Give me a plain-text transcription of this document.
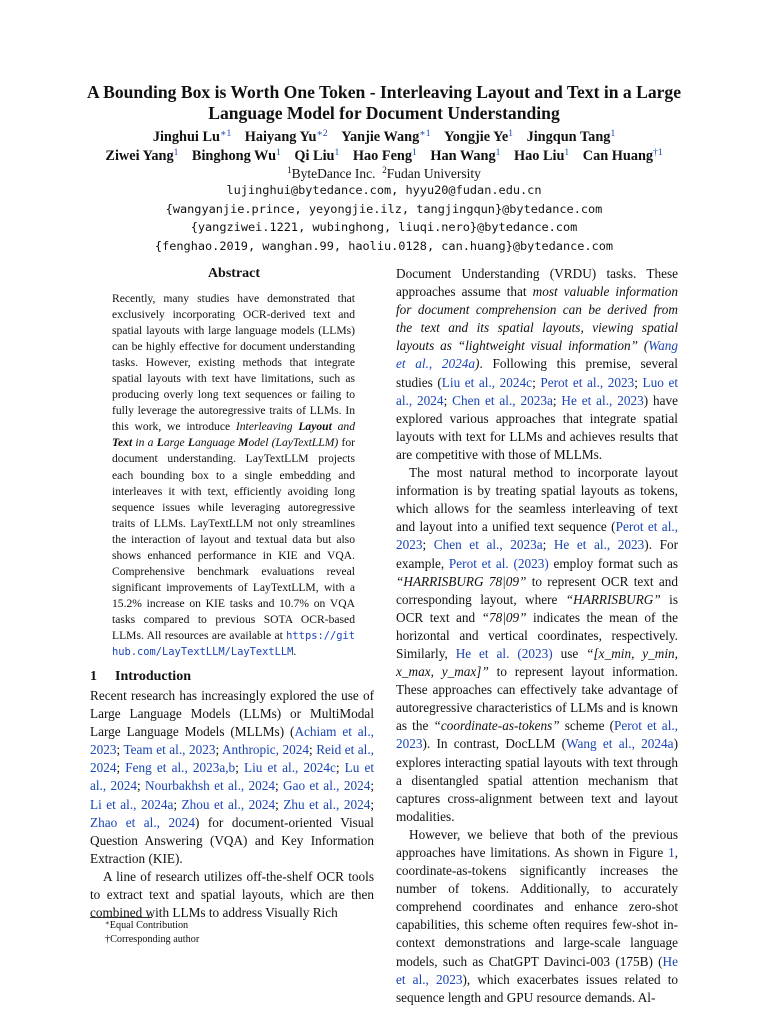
A Bounding Box is Worth One Token - Interleaving Layout and Text in a Large Language Model for Document Understanding
Jinghui $Lu^{∗1}$ Haiyang $Yu^{∗2}$ Yanjie Wang$^{∗1}$ Yongjie Ye$^1$ Jingqun Tang$^1$
Ziwei Yang$^1$ Binghong Wu$^1$ Qi Liu$^1$ Hao Feng$^1$ Han Wang$^1$ Hao Liu$^1$ Can Huang$^{\dagger 1}$
$^1$ByteDance Inc. $^2$Fudan University
lujinghui@bytedance.com, hyyu20@fudan.edu.cn
{wangyanjie.prince, yeyongjie.ilz, tangjingqun}@bytedance.com
{yangziwei.1221, wubinghong, liuqi.nero}@bytedance.com
{fenghao.2019, wanghan.99, haoliu.0128, can.huang}@bytedance.com
Abstract

Recently, many studies have demonstrated that exclusively incorporating OCR-derived text and spatial layouts with large language models (LLMs) can be highly effective for document understanding tasks. However, existing methods that integrate spatial layouts with text have limitations, such as producing overly long text sequences or failing to fully leverage the autoregressive traits of LLMs. In this work, we introduce Interleaving Layout and Text in a Large Language Model (LayTextLLM) for document understanding. LayTextLLM projects each bounding box to a single embedding and interleaves it with text, efficiently avoiding long sequence issues while leveraging autoregressive traits of LLMs. LayTextLLM not only streamlines the interaction of layout and textual data but also shows enhanced performance in KIE and VQA. Comprehensive benchmark evaluations reveal significant improvements of LayTextLLM, with a 15.2% increase on KIE tasks and 10.7% on VQA tasks compared to previous SOTA OCR-based LLMs. All resources are available at https://github.com/LayTextLLM/LayTextLLM.

1 Introduction

Recent research has increasingly explored the use of Large Language Models (LLMs) or MultiModal Large Language Models (MLLMs) (Achiam et al., 2023; Team et al., 2023; Anthropic, 2024; Reid et al., 2024; Feng et al., 2023a,b; Liu et al., 2024c; Lu et al., 2024; Nourbakhsh et al., 2024; Gao et al., 2024; Li et al., 2024a; Zhou et al., 2024; Zhu et al., 2024; Zhao et al., 2024) for document-oriented Visual Question Answering (VQA) and Key Information Extraction (KIE).

A line of research utilizes off-the-shelf OCR tools to extract text and spatial layouts, which are then combined with LLMs to address Visually Rich

∗Equal Contribution
†Corresponding author

Document Understanding (VRDU) tasks. These approaches assume that most valuable information for document comprehension can be derived from the text and its spatial layouts, viewing spatial layouts as “lightweight visual information” (Wang et al., 2024a). Following this premise, several studies (Liu et al., 2024c; Perot et al., 2023; Luo et al., 2024; Chen et al., 2023a; He et al., 2023) have explored various approaches that integrate spatial layouts with text for LLMs and achieves results that are competitive with those of MLLMs.

The most natural method to incorporate layout information is by treating spatial layouts as tokens, which allows for the seamless interleaving of text and layout into a unified text sequence (Perot et al., 2023; Chen et al., 2023a; He et al., 2023). For example, Perot et al. (2023) employ format such as “HARRISBURG 78|09” to represent OCR text and corresponding layout, where “HARRISBURG” is OCR text and “78|09” indicates the mean of the horizontal and vertical coordinates, respectively. Similarly, He et al. (2023) use “[x_min, y_min, x_max, y_max]” to represent layout information. These approaches can effectively take advantage of autoregressive characteristics of LLMs and is known as the “coordinate-as-tokens” scheme (Perot et al., 2023). In contrast, DocLLM (Wang et al., 2024a) explores interacting spatial layouts with text through a disentangled spatial attention mechanism that captures cross-alignment between text and layout modalities.

However, we believe that both of the previous approaches have limitations. As shown in Figure 1, coordinate-as-tokens significantly increases the number of tokens. Additionally, to accurately comprehend coordinates and enhance zero-shot capabilities, this scheme often requires few-shot in-context demonstrations and large-scale language models, such as ChatGPT Davinci-003 (175B) (He et al., 2023), which exacerbates issues related to sequence length and GPU resource demands. Al-
